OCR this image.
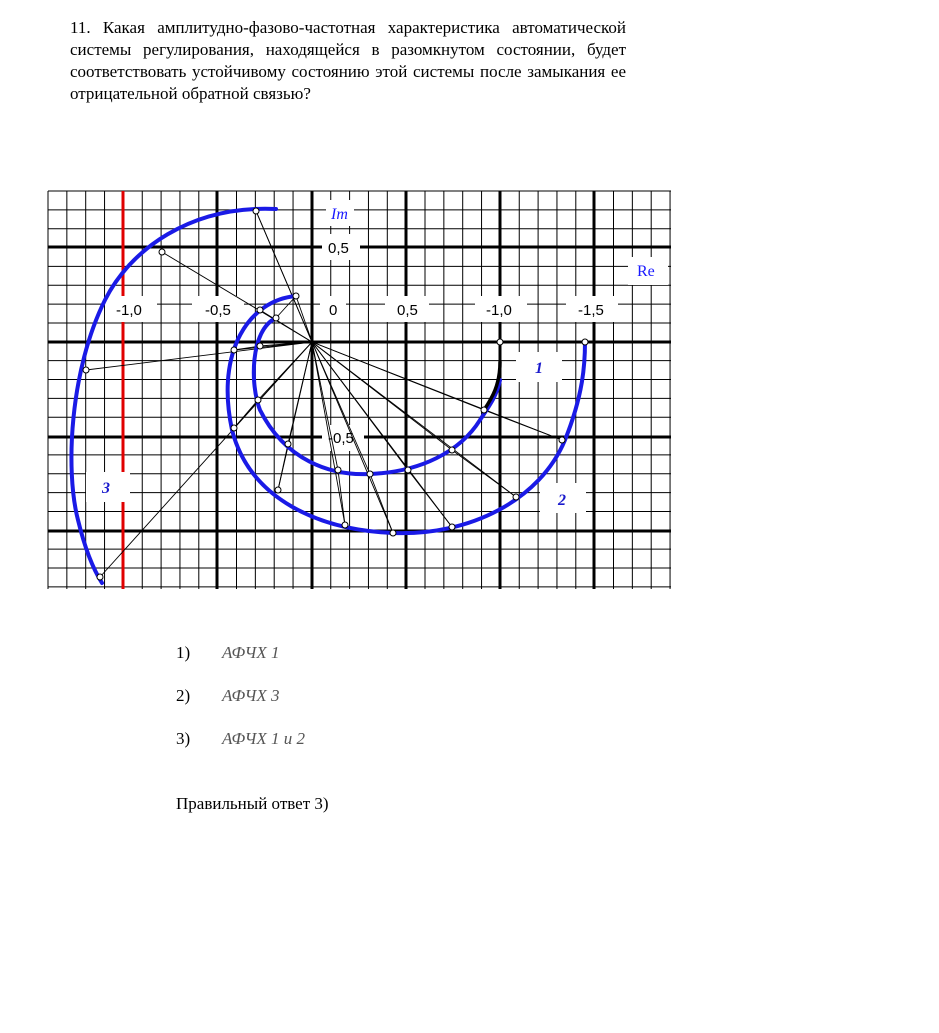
11. Какая амплитудно-фазово-частотная характеристика автоматической системы регулирования, находящейся в разомкнутом состоянии, будет соответствовать устойчивому состоянию этой системы после замыкания ее отрицательной обратной связью?
Im
Re
0,5
0
-1,0	-0,5	0,5	-1,0	-1,5
-0,5
1
2
3
1) АФЧХ 1
2) АФЧХ 3
3) АФЧХ 1 и 2
Правильный ответ 3)
